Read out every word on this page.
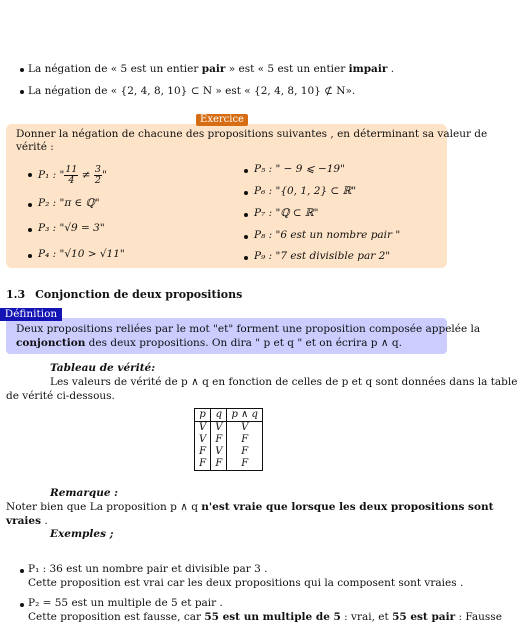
La négation de « 5 est un entier pair » est « 5 est un entier impair .
La négation de « {2, 4, 8, 10} ⊂ N » est « {2, 4, 8, 10} ⊄ N».
Exercice
Donner la négation de chacune des propositions suivantes , en déterminant sa valeur de
vérité :
P₁ : " $\frac{11}{4} \ne \frac{3}{2}$ "
P₂ : "π ∈ ℚ"
P₃ : "√9 = 3"
P₄ : "√10 > √11"
P₅ : " − 9 ⩽ −19"
P₆ : "{0, 1, 2} ⊂ ℝ"
P₇ : "ℚ ⊂ ℝ"
P₈ : "6 est un nombre pair "
P₉ : "7 est divisible par 2"
1.3 Conjonction de deux propositions
Définition
Deux propositions reliées par le mot "et" forment une proposition composée appelée la
conjonction des deux propositions. On dira " p et q " et on écrira p ∧ q.
Tableau de vérité:
Les valeurs de vérité de p ∧ q en fonction de celles de p et q sont données dans la table
de vérité ci-dessous.
p	q	p ∧ q
V	V	V
V	F	F
F	V	F
F	F	F
Remarque :
Noter bien que La proposition p ∧ q n'est vraie que lorsque les deux propositions sont
vraies .
Exemples ;
P₁ : 36 est un nombre pair et divisible par 3 .
Cette proposition est vrai car les deux propositions qui la composent sont vraies .
P₂ = 55 est un multiple de 5 et pair .
Cette proposition est fausse, car 55 est un multiple de 5 : vrai, et 55 est pair : Fausse
